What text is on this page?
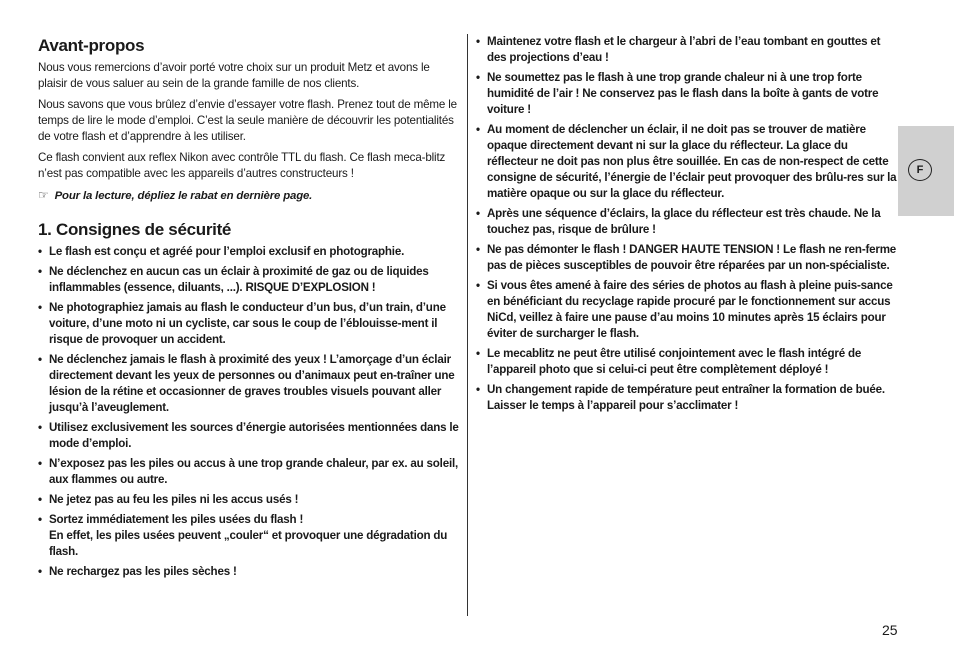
Avant-propos

Nous vous remercions d’avoir porté votre choix sur un produit Metz et avons le plaisir de vous saluer au sein de la grande famille de nos clients.

Nous savons que vous brûlez d’envie d’essayer votre flash. Prenez tout de même le temps de lire le mode d’emploi. C’est la seule manière de découvrir les potentialités de votre flash et d’apprendre à les utiliser.

Ce flash convient aux reflex Nikon avec contrôle TTL du flash. Ce flash meca-blitz n’est pas compatible avec les appareils d’autres constructeurs !

☞ Pour la lecture, dépliez le rabat en dernière page.

1. Consignes de sécurité
• Le flash est conçu et agréé pour l’emploi exclusif en photographie.
• Ne déclenchez en aucun cas un éclair à proximité de gaz ou de liquides inflammables (essence, diluants, ...). RISQUE D’EXPLOSION !
• Ne photographiez jamais au flash le conducteur d’un bus, d’un train, d’une voiture, d’une moto ni un cycliste, car sous le coup de l’éblouisse-ment il risque de provoquer un accident.
• Ne déclenchez jamais le flash à proximité des yeux ! L’amorçage d’un éclair directement devant les yeux de personnes ou d’animaux peut en-traîner une lésion de la rétine et occasionner de graves troubles visuels pouvant aller jusqu’à l’aveuglement.
• Utilisez exclusivement les sources d’énergie autorisées mentionnées dans le mode d’emploi.
• N’exposez pas les piles ou accus à une trop grande chaleur, par ex. au soleil, aux flammes ou autre.
• Ne jetez pas au feu les piles ni les accus usés !
• Sortez immédiatement les piles usées du flash !
En effet, les piles usées peuvent „couler“ et provoquer une dégradation du flash.
• Ne rechargez pas les piles sèches !
• Maintenez votre flash et le chargeur à l’abri de l’eau tombant en gouttes et des projections d’eau !
• Ne soumettez pas le flash à une trop grande chaleur ni à une trop forte humidité de l’air ! Ne conservez pas le flash dans la boîte à gants de votre voiture !
• Au moment de déclencher un éclair, il ne doit pas se trouver de matière opaque directement devant ni sur la glace du réflecteur. La glace du réflecteur ne doit pas non plus être souillée. En cas de non-respect de cette consigne de sécurité, l’énergie de l’éclair peut provoquer des brûlu-res sur la matière opaque ou sur la glace du réflecteur.
• Après une séquence d’éclairs, la glace du réflecteur est très chaude. Ne la touchez pas, risque de brûlure !
• Ne pas démonter le flash ! DANGER HAUTE TENSION ! Le flash ne ren-ferme pas de pièces susceptibles de pouvoir être réparées par un non-spécialiste.
• Si vous êtes amené à faire des séries de photos au flash à pleine puis-sance en bénéficiant du recyclage rapide procuré par le fonctionnement sur accus NiCd, veillez à faire une pause d’au moins 10 minutes après 15 éclairs pour éviter de surcharger le flash.
• Le mecablitz ne peut être utilisé conjointement avec le flash intégré de l’appareil photo que si celui-ci peut être complètement déployé !
• Un changement rapide de température peut entraîner la formation de buée. Laisser le temps à l’appareil pour s’acclimater !
F
25
